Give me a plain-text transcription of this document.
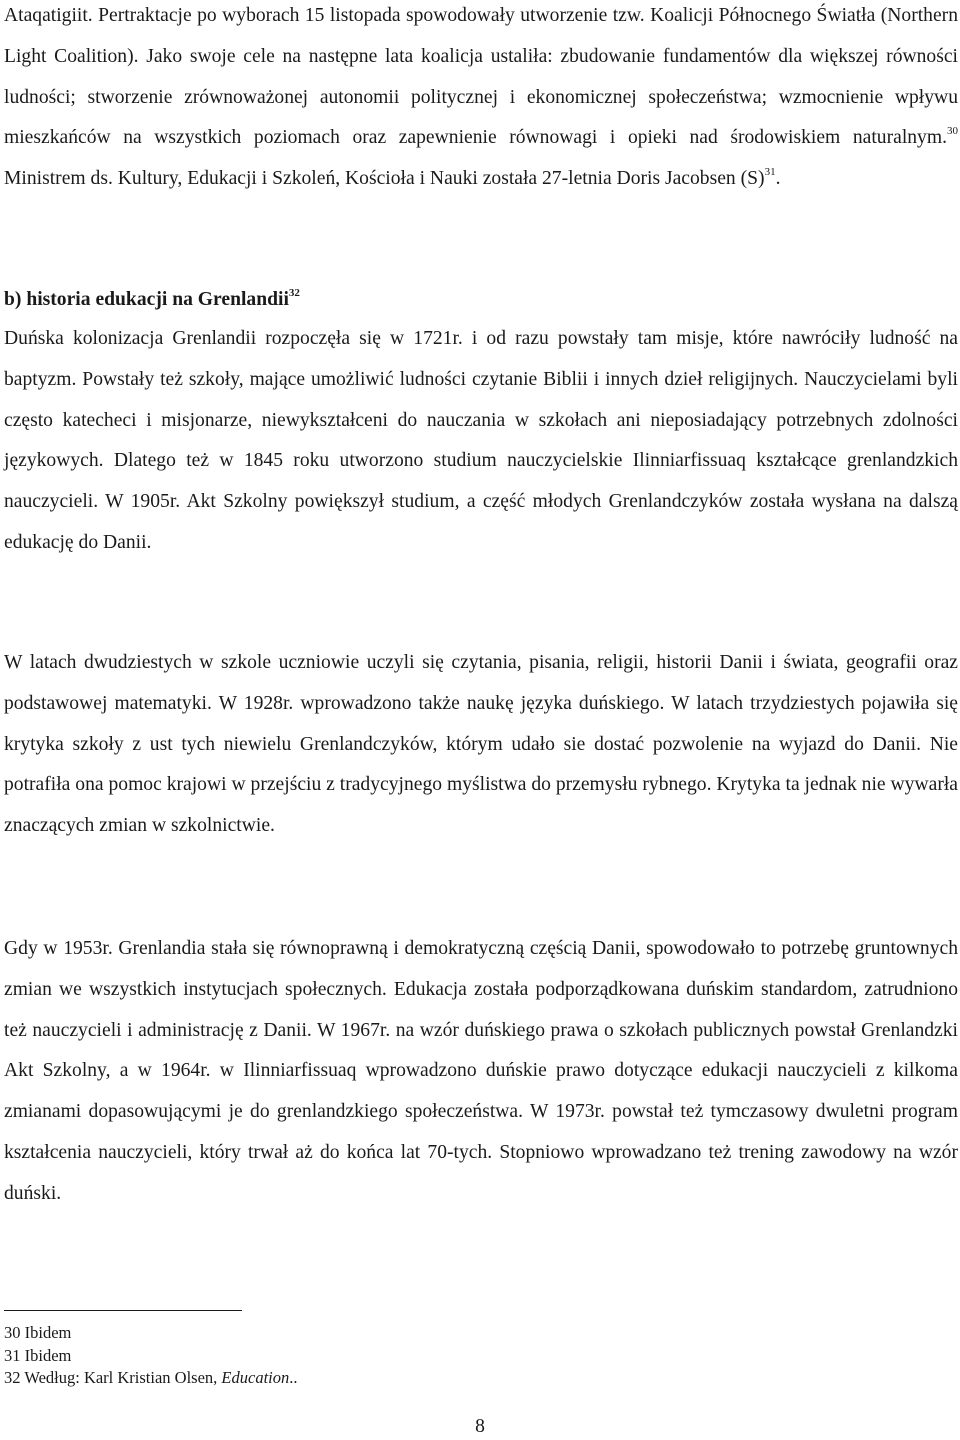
Ataqatigiit. Pertraktacje po wyborach 15 listopada spowodowały utworzenie tzw. Koalicji Północnego Światła (Northern Light Coalition). Jako swoje cele na następne lata koalicja ustaliła: zbudowanie fundamentów dla większej równości ludności; stworzenie zrównoważonej autonomii politycznej i ekonomicznej społeczeństwa; wzmocnienie wpływu mieszkańców na wszystkich poziomach oraz zapewnienie równowagi i opieki nad środowiskiem naturalnym.$^{30}$ Ministrem ds. Kultury, Edukacji i Szkoleń, Kościoła i Nauki została 27-letnia Doris Jacobsen $(S)^{31}$.

b) historia edukacji na Grenlandii$^{32}$

Duńska kolonizacja Grenlandii rozpoczęła się w 1721r. i od razu powstały tam misje, które nawróciły ludność na baptyzm. Powstały też szkoły, mające umożliwić ludności czytanie Biblii i innych dzieł religijnych. Nauczycielami byli często katecheci i misjonarze, niewykształceni do nauczania w szkołach ani nieposiadający potrzebnych zdolności językowych. Dlatego też w 1845 roku utworzono studium nauczycielskie Ilinniarfissuaq kształcące grenlandzkich nauczycieli. W 1905r. Akt Szkolny powiększył studium, a część młodych Grenlandczyków została wysłana na dalszą edukację do Danii.

W latach dwudziestych w szkole uczniowie uczyli się czytania, pisania, religii, historii Danii i świata, geografii oraz podstawowej matematyki. W 1928r. wprowadzono także naukę języka duńskiego. W latach trzydziestych pojawiła się krytyka szkoły z ust tych niewielu Grenlandczyków, którym udało sie dostać pozwolenie na wyjazd do Danii. Nie potrafiła ona pomoc krajowi w przejściu z tradycyjnego myślistwa do przemysłu rybnego. Krytyka ta jednak nie wywarła znaczących zmian w szkolnictwie.

Gdy w 1953r. Grenlandia stała się równoprawną i demokratyczną częścią Danii, spowodowało to potrzebę gruntownych zmian we wszystkich instytucjach społecznych. Edukacja została podporządkowana duńskim standardom, zatrudniono też nauczycieli i administrację z Danii. W 1967r. na wzór duńskiego prawa o szkołach publicznych powstał Grenlandzki Akt Szkolny, a w 1964r. w Ilinniarfissuaq wprowadzono duńskie prawo dotyczące edukacji nauczycieli z kilkoma zmianami dopasowującymi je do grenlandzkiego społeczeństwa. W 1973r. powstał też tymczasowy dwuletni program kształcenia nauczycieli, który trwał aż do końca lat 70-tych. Stopniowo wprowadzano też trening zawodowy na wzór duński.

30 Ibidem
31 Ibidem
32 Według: Karl Kristian Olsen, Education..
8
